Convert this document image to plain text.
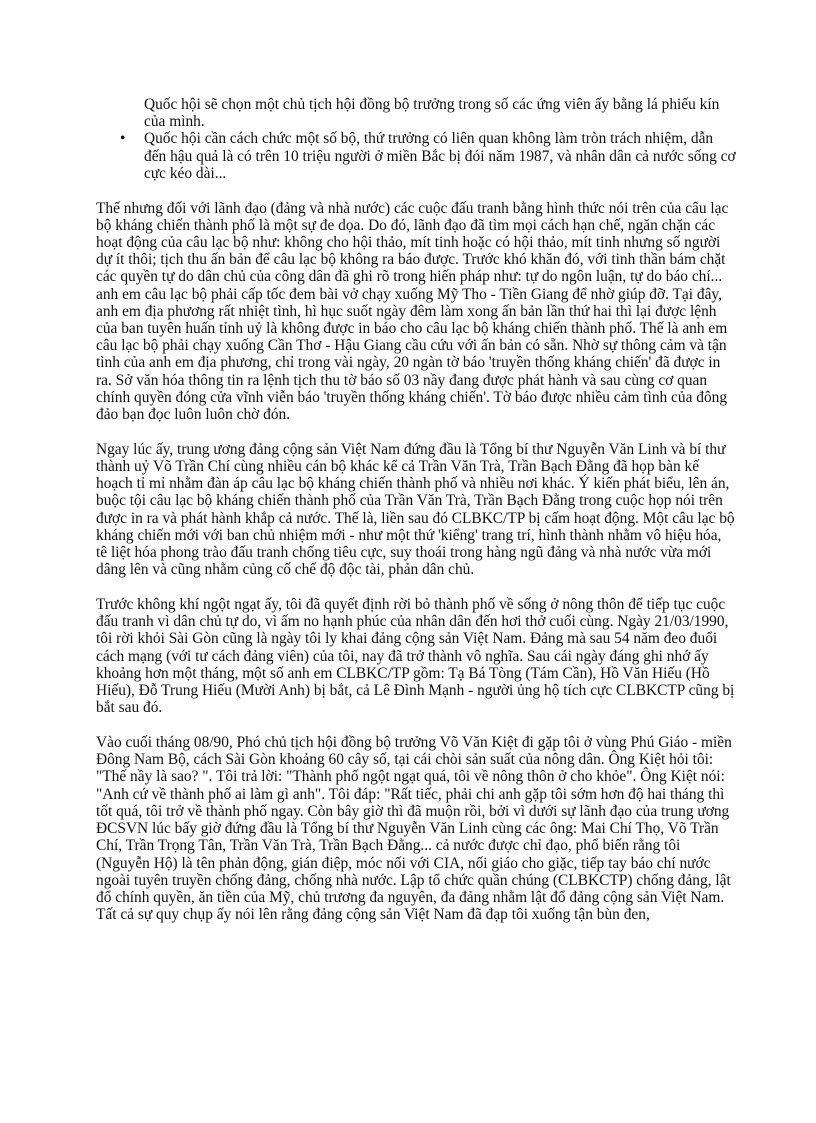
Quốc hội sẽ chọn một chủ tịch hội đồng bộ trưởng trong số các ứng viên ấy bằng lá phiếu kín của mình.
• Quốc hội cần cách chức một số bộ, thứ trưởng có liên quan không làm tròn trách nhiệm, dẫn đến hậu quả là có trên 10 triệu người ở miền Bắc bị đói năm 1987, và nhân dân cả nước sống cơ cực kéo dài...

Thế nhưng đối với lãnh đạo (đảng và nhà nước) các cuộc đấu tranh bằng hình thức nói trên của câu lạc bộ kháng chiến thành phố là một sự đe dọa. Do đó, lãnh đạo đã tìm mọi cách hạn chế, ngăn chặn các hoạt động của câu lạc bộ như: không cho hội thảo, mít tinh hoặc có hội thảo, mít tinh nhưng số người dự ít thôi; tịch thu ấn bản để câu lạc bộ không ra báo được. Trước khó khăn đó, với tinh thần bám chặt các quyền tự do dân chủ của công dân đã ghi rõ trong hiến pháp như: tự do ngôn luận, tự do báo chí... anh em câu lạc bộ phải cấp tốc đem bài vở chạy xuống Mỹ Tho - Tiền Giang để nhờ giúp đỡ. Tại đây, anh em địa phương rất nhiệt tình, hì hục suốt ngày đêm làm xong ấn bản lần thứ hai thì lại được lệnh của ban tuyên huấn tỉnh uỷ là không được in báo cho câu lạc bộ kháng chiến thành phố. Thế là anh em câu lạc bộ phải chạy xuống Cần Thơ - Hậu Giang cầu cứu với ấn bản có sẵn. Nhờ sự thông cảm và tận tình của anh em địa phương, chỉ trong vài ngày, 20 ngàn tờ báo 'truyền thống kháng chiến' đã được in ra. Sở văn hóa thông tin ra lệnh tịch thu tờ báo số 03 nầy đang được phát hành và sau cùng cơ quan chính quyền đóng cửa vĩnh viễn báo 'truyền thống kháng chiến'. Tờ báo được nhiều cảm tình của đông đảo bạn đọc luôn luôn chờ đón.

Ngay lúc ấy, trung ương đảng cộng sản Việt Nam đứng đầu là Tổng bí thư Nguyễn Văn Linh và bí thư thành uỷ Võ Trần Chí cùng nhiều cán bộ khác kể cả Trần Văn Trà, Trần Bạch Đằng đã họp bàn kế hoạch tỉ mỉ nhằm đàn áp câu lạc bộ kháng chiến thành phố và nhiều nơi khác. Ý kiến phát biểu, lên án, buộc tội câu lạc bộ kháng chiến thành phố của Trần Văn Trà, Trần Bạch Đằng trong cuộc họp nói trên được in ra và phát hành khắp cả nước. Thế là, liền sau đó CLBKC/TP bị cấm hoạt động. Một câu lạc bộ kháng chiến mới với ban chủ nhiệm mới - như một thứ 'kiểng' trang trí, hình thành nhằm vô hiệu hóa, tê liệt hóa phong trào đấu tranh chống tiêu cực, suy thoái trong hàng ngũ đảng và nhà nước vừa mới dâng lên và cũng nhằm củng cố chế độ độc tài, phản dân chủ.

Trước không khí ngột ngạt ấy, tôi đã quyết định rời bỏ thành phố về sống ở nông thôn để tiếp tục cuộc đấu tranh vì dân chủ tự do, vì ấm no hạnh phúc của nhân dân đến hơi thở cuối cùng. Ngày 21/03/1990, tôi rời khỏi Sài Gòn cũng là ngày tôi ly khai đảng cộng sản Việt Nam. Đảng mà sau 54 năm đeo đuổi cách mạng (với tư cách đảng viên) của tôi, nay đã trở thành vô nghĩa. Sau cái ngày đáng ghi nhớ ấy khoảng hơn một tháng, một số anh em CLBKC/TP gồm: Tạ Bá Tòng (Tám Cần), Hồ Văn Hiếu (Hồ Hiếu), Đỗ Trung Hiếu (Mười Anh) bị bắt, cả Lê Đình Mạnh - người ủng hộ tích cực CLBKCTP cũng bị bắt sau đó.

Vào cuối tháng 08/90, Phó chủ tịch hội đồng bộ trưởng Võ Văn Kiệt đi gặp tôi ở vùng Phú Giáo - miền Đông Nam Bộ, cách Sài Gòn khoảng 60 cây số, tại cái chòi sản suất của nông dân. Ông Kiệt hỏi tôi: "Thế nầy là sao? ". Tôi trả lời: "Thành phố ngột ngạt quá, tôi về nông thôn ở cho khỏe". Ông Kiệt nói: "Anh cứ về thành phố ai làm gì anh". Tôi đáp: "Rất tiếc, phải chi anh gặp tôi sớm hơn độ hai tháng thì tốt quá, tôi trở về thành phố ngay. Còn bây giờ thì đã muộn rồi, bởi vì dưới sự lãnh đạo của trung ương ĐCSVN lúc bấy giờ đứng đầu là Tổng bí thư Nguyễn Văn Linh cùng các ông: Mai Chí Thọ, Võ Trần Chí, Trần Trọng Tân, Trần Văn Trà, Trần Bạch Đằng... cả nước được chỉ đạo, phổ biến rằng tôi (Nguyễn Hộ) là tên phản động, gián điệp, móc nối với CIA, nối giáo cho giặc, tiếp tay báo chí nước ngoài tuyên truyền chống đảng, chống nhà nước. Lập tổ chức quần chúng (CLBKCTP) chống đảng, lật đổ chính quyền, ăn tiền của Mỹ, chủ trương đa nguyên, đa đảng nhằm lật đổ đảng cộng sản Việt Nam. Tất cả sự quy chụp ấy nói lên rằng đảng cộng sản Việt Nam đã đạp tôi xuống tận bùn đen,
